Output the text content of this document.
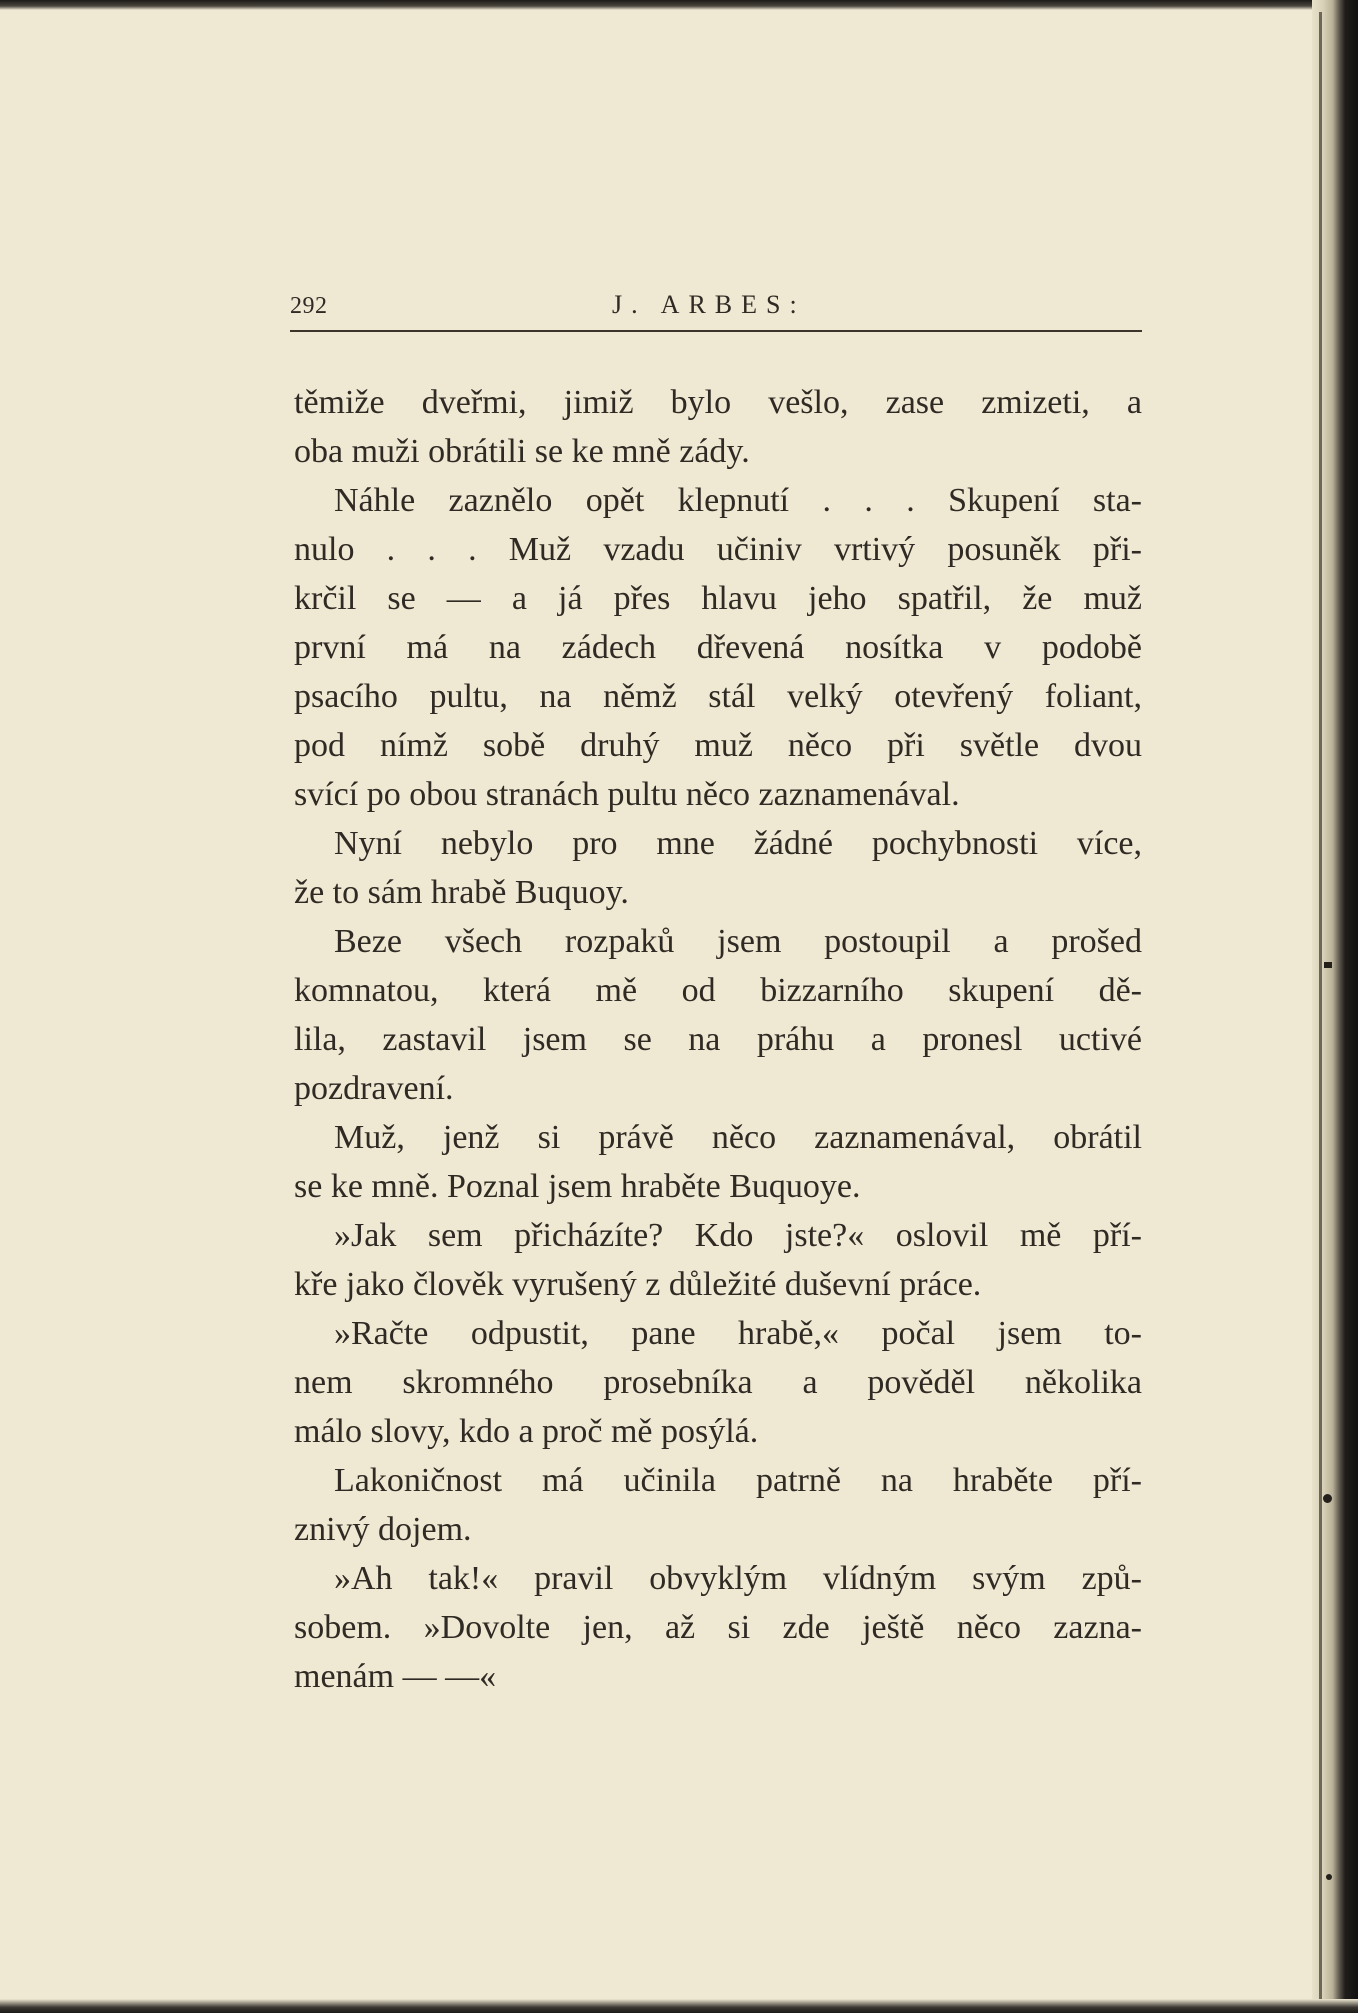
292	J. ARBES:
těmiže dveřmi, jimiž bylo vešlo, zase zmizeti, a
oba muži obrátili se ke mně zády.
Náhle zaznělo opět klepnutí . . . Skupení sta-
nulo . . . Muž vzadu učiniv vrtivý posuněk při-
krčil se — a já přes hlavu jeho spatřil, že muž
první má na zádech dřevená nosítka v podobě
psacího pultu, na němž stál velký otevřený foliant,
pod nímž sobě druhý muž něco při světle dvou
svící po obou stranách pultu něco zaznamenával.
Nyní nebylo pro mne žádné pochybnosti více,
že to sám hrabě Buquoy.
Beze všech rozpaků jsem postoupil a prošed
komnatou, která mě od bizzarního skupení dě-
lila, zastavil jsem se na práhu a pronesl uctivé
pozdravení.
Muž, jenž si právě něco zaznamenával, obrátil
se ke mně. Poznal jsem hraběte Buquoye.
»Jak sem přicházíte? Kdo jste?« oslovil mě pří-
kře jako člověk vyrušený z důležité duševní práce.
»Račte odpustit, pane hrabě,« počal jsem to-
nem skromného prosebníka a pověděl několika
málo slovy, kdo a proč mě posýlá.
Lakoničnost má učinila patrně na hraběte pří-
znivý dojem.
»Ah tak!« pravil obvyklým vlídným svým způ-
sobem. »Dovolte jen, až si zde ještě něco zazna-
menám — —«
